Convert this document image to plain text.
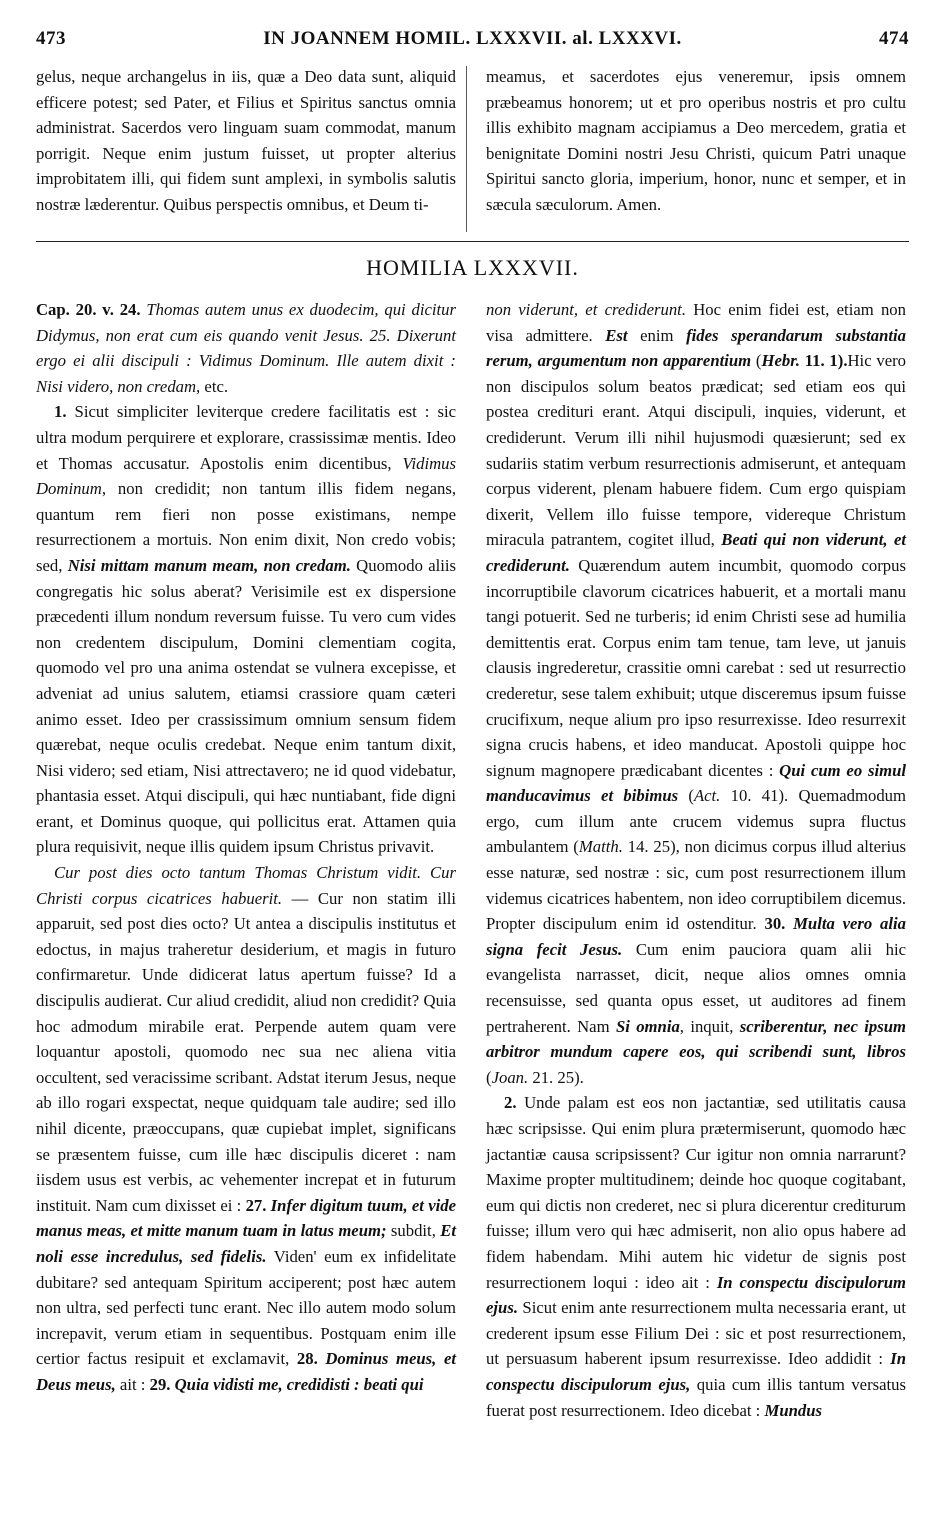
473	IN JOANNEM HOMIL. LXXXVII. al. LXXXVI.	474

gelus, neque archangelus in iis, quæ a Deo data sunt, aliquid efficere potest; sed Pater, et Filius et Spiritus sanctus omnia administrat. Sacerdos vero linguam suam commodat, manum porrigit. Neque enim justum fuisset, ut propter alterius improbitatem illi, qui fidem sunt amplexi, in symbolis salutis nostræ læderentur. Quibus perspectis omnibus, et Deum ti-

meamus, et sacerdotes ejus veneremur, ipsis omnem præbeamus honorem; ut et pro operibus nostris et pro cultu illis exhibito magnam accipiamus a Deo mercedem, gratia et benignitate Domini nostri Jesu Christi, quicum Patri unaque Spiritui sancto gloria, imperium, honor, nunc et semper, et in sæcula sæculorum. Amen.

HOMILIA LXXXVII.

Cap. 20. v. 24. Thomas autem unus ex duodecim, qui dicitur Didymus, non erat cum eis quando venit Jesus. 25. Dixerunt ergo ei alii discipuli : Vidimus Dominum. Ille autem dixit : Nisi videro, non credam, etc.

1. Sicut simpliciter leviterque credere facilitatis est : sic ultra modum perquirere et explorare, crassissimæ mentis. Ideo et Thomas accusatur. Apostolis enim dicentibus, Vidimus Dominum, non credidit; non tantum illis fidem negans, quantum rem fieri non posse existimans, nempe resurrectionem a mortuis. Non enim dixit, Non credo vobis; sed, Nisi mittam manum meam, non credam. Quomodo aliis congregatis hic solus aberat? Verisimile est ex dispersione præcedenti illum nondum reversum fuisse. Tu vero cum vides non credentem discipulum, Domini clementiam cogita, quomodo vel pro una anima ostendat se vulnera excepisse, et adveniat ad unius salutem, etiamsi crassiore quam cæteri animo esset. Ideo per crassissimum omnium sensum fidem quærebat, neque oculis credebat. Neque enim tantum dixit, Nisi videro; sed etiam, Nisi attrectavero; ne id quod videbatur, phantasia esset. Atqui discipuli, qui hæc nuntiabant, fide digni erant, et Dominus quoque, qui pollicitus erat. Attamen quia plura requisivit, neque illis quidem ipsum Christus privavit.

Cur post dies octo tantum Thomas Christum vidit. Cur Christi corpus cicatrices habuerit. — Cur non statim illi apparuit, sed post dies octo? Ut antea a discipulis institutus et edoctus, in majus traheretur desiderium, et magis in futuro confirmaretur. Unde didicerat latus apertum fuisse? Id a discipulis audierat. Cur aliud credidit, aliud non credidit? Quia hoc admodum mirabile erat. Perpende autem quam vere loquantur apostoli, quomodo nec sua nec aliena vitia occultent, sed veracissime scribant. Adstat iterum Jesus, neque ab illo rogari exspectat, neque quidquam tale audire; sed illo nihil dicente, præoccupans, quæ cupiebat implet, significans se præsentem fuisse, cum ille hæc discipulis diceret : nam iisdem usus est verbis, ac vehementer increpat et in futurum instituit. Nam cum dixisset ei : 27. Infer digitum tuum, et vide manus meas, et mitte manum tuam in latus meum; subdit, Et noli esse incredulus, sed fidelis. Viden' eum ex infidelitate dubitare? sed antequam Spiritum acciperent; post hæc autem non ultra, sed perfecti tunc erant. Nec illo autem modo solum increpavit, verum etiam in sequentibus. Postquam enim ille certior factus resipuit et exclamavit, 28. Dominus meus, et Deus meus, ait : 29. Quia vidisti me, credidisti : beati qui

non viderunt, et crediderunt. Hoc enim fidei est, etiam non visa admittere. Est enim fides sperandarum substantia rerum, argumentum non apparentium (Hebr. 11. 1).Hic vero non discipulos solum beatos prædicat; sed etiam eos qui postea credituri erant. Atqui discipuli, inquies, viderunt, et crediderunt. Verum illi nihil hujusmodi quæsierunt; sed ex sudariis statim verbum resurrectionis admiserunt, et antequam corpus viderent, plenam habuere fidem. Cum ergo quispiam dixerit, Vellem illo fuisse tempore, videreque Christum miracula patrantem, cogitet illud, Beati qui non viderunt, et crediderunt. Quærendum autem incumbit, quomodo corpus incorruptibile clavorum cicatrices habuerit, et a mortali manu tangi potuerit. Sed ne turberis; id enim Christi sese ad humilia demittentis erat. Corpus enim tam tenue, tam leve, ut januis clausis ingrederetur, crassitie omni carebat : sed ut resurrectio crederetur, sese talem exhibuit; utque disceremus ipsum fuisse crucifixum, neque alium pro ipso resurrexisse. Ideo resurrexit signa crucis habens, et ideo manducat. Apostoli quippe hoc signum magnopere prædicabant dicentes : Qui cum eo simul manducavimus et bibimus (Act. 10. 41). Quemadmodum ergo, cum illum ante crucem videmus supra fluctus ambulantem (Matth. 14. 25), non dicimus corpus illud alterius esse naturæ, sed nostræ : sic, cum post resurrectionem illum videmus cicatrices habentem, non ideo corruptibilem dicemus. Propter discipulum enim id ostenditur. 30. Multa vero alia signa fecit Jesus. Cum enim pauciora quam alii hic evangelista narrasset, dicit, neque alios omnes omnia recensuisse, sed quanta opus esset, ut auditores ad finem pertraherent. Nam Si omnia, inquit, scriberentur, nec ipsum arbitror mundum capere eos, qui scribendi sunt, libros (Joan. 21. 25).

2. Unde palam est eos non jactantiæ, sed utilitatis causa hæc scripsisse. Qui enim plura prætermiserunt, quomodo hæc jactantiæ causa scripsissent? Cur igitur non omnia narrarunt? Maxime propter multitudinem; deinde hoc quoque cogitabant, eum qui dictis non crederet, nec si plura dicerentur crediturum fuisse; illum vero qui hæc admiserit, non alio opus habere ad fidem habendam. Mihi autem hic videtur de signis post resurrectionem loqui : ideo ait : In conspectu discipulorum ejus. Sicut enim ante resurrectionem multa necessaria erant, ut crederent ipsum esse Filium Dei : sic et post resurrectionem, ut persuasum haberent ipsum resurrexisse. Ideo addidit : In conspectu discipulorum ejus, quia cum illis tantum versatus fuerat post resurrectionem. Ideo dicebat : Mundus
